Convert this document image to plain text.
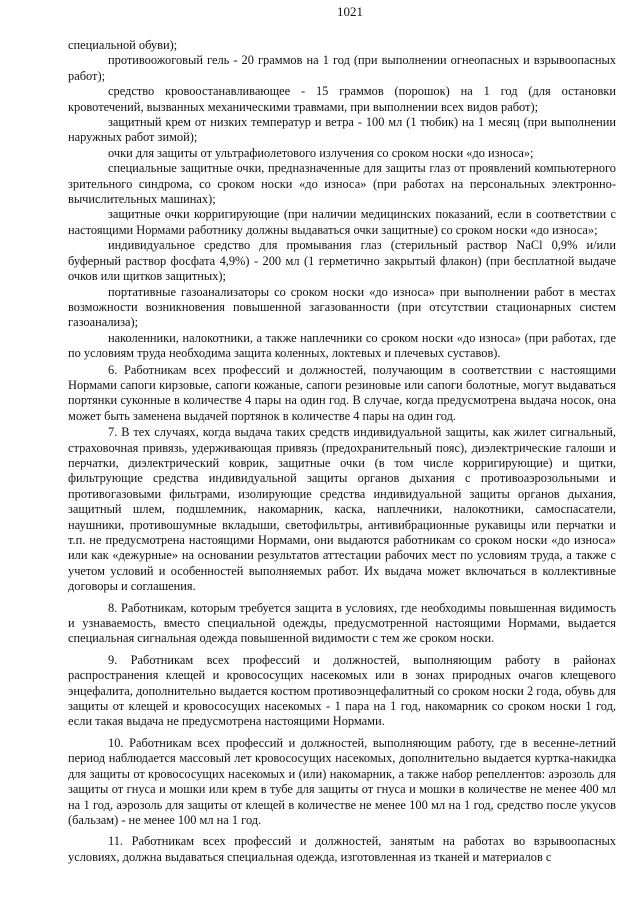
1021

специальной обуви);

противоожоговый гель - 20 граммов на 1 год (при выполнении огнеопасных и взрывоопасных работ);

средство кровоостанавливающее - 15 граммов (порошок) на 1 год (для остановки кровотечений, вызванных механическими травмами, при выполнении всех видов работ);

защитный крем от низких температур и ветра - 100 мл (1 тюбик) на 1 месяц (при выполнении наружных работ зимой);

очки для защиты от ультрафиолетового излучения со сроком носки «до износа»;

специальные защитные очки, предназначенные для защиты глаз от проявлений компьютерного зрительного синдрома, со сроком носки «до износа» (при работах на персональных электронно-вычислительных машинах);

защитные очки корригирующие (при наличии медицинских показаний, если в соответствии с настоящими Нормами работнику должны выдаваться очки защитные) со сроком носки «до износа»;

индивидуальное средство для промывания глаз (стерильный раствор NaCl 0,9% и/или буферный раствор фосфата 4,9%) - 200 мл (1 герметично закрытый флакон) (при бесплатной выдаче очков или щитков защитных);

портативные газоанализаторы со сроком носки «до износа» при выполнении работ в местах возможности возникновения повышенной загазованности (при отсутствии стационарных систем газоанализа);

наколенники, налокотники, а также наплечники со сроком носки «до износа» (при работах, где по условиям труда необходима защита коленных, локтевых и плечевых суставов).

6. Работникам всех профессий и должностей, получающим в соответствии с настоящими Нормами сапоги кирзовые, сапоги кожаные, сапоги резиновые или сапоги болотные, могут выдаваться портянки суконные в количестве 4 пары на один год. В случае, когда предусмотрена выдача носок, она может быть заменена выдачей портянок в количестве 4 пары на один год.

7. В тех случаях, когда выдача таких средств индивидуальной защиты, как жилет сигнальный, страховочная привязь, удерживающая привязь (предохранительный пояс), диэлектрические галоши и перчатки, диэлектрический коврик, защитные очки (в том числе корригирующие) и щитки, фильтрующие средства индивидуальной защиты органов дыхания с противоаэрозольными и противогазовыми фильтрами, изолирующие средства индивидуальной защиты органов дыхания, защитный шлем, подшлемник, накомарник, каска, наплечники, налокотники, самоспасатели, наушники, противошумные вкладыши, светофильтры, антивибрационные рукавицы или перчатки и т.п. не предусмотрена настоящими Нормами, они выдаются работникам со сроком носки «до износа» или как «дежурные» на основании результатов аттестации рабочих мест по условиям труда, а также с учетом условий и особенностей выполняемых работ. Их выдача может включаться в коллективные договоры и соглашения.

8. Работникам, которым требуется защита в условиях, где необходимы повышенная видимость и узнаваемость, вместо специальной одежды, предусмотренной настоящими Нормами, выдается специальная сигнальная одежда повышенной видимости с тем же сроком носки.

9. Работникам всех профессий и должностей, выполняющим работу в районах распространения клещей и кровососущих насекомых или в зонах природных очагов клещевого энцефалита, дополнительно выдается костюм противоэнцефалитный со сроком носки 2 года, обувь для защиты от клещей и кровососущих насекомых - 1 пара на 1 год, накомарник со сроком носки 1 год, если такая выдача не предусмотрена настоящими Нормами.

10. Работникам всех профессий и должностей, выполняющим работу, где в весенне-летний период наблюдается массовый лет кровососущих насекомых, дополнительно выдается куртка-накидка для защиты от кровососущих насекомых и (или) накомарник, а также набор репеллентов: аэрозоль для защиты от гнуса и мошки или крем в тубе для защиты от гнуса и мошки в количестве не менее 400 мл на 1 год, аэрозоль для защиты от клещей в количестве не менее 100 мл на 1 год, средство после укусов (бальзам) - не менее 100 мл на 1 год.

11. Работникам всех профессий и должностей, занятым на работах во взрывоопасных условиях, должна выдаваться специальная одежда, изготовленная из тканей и материалов с
